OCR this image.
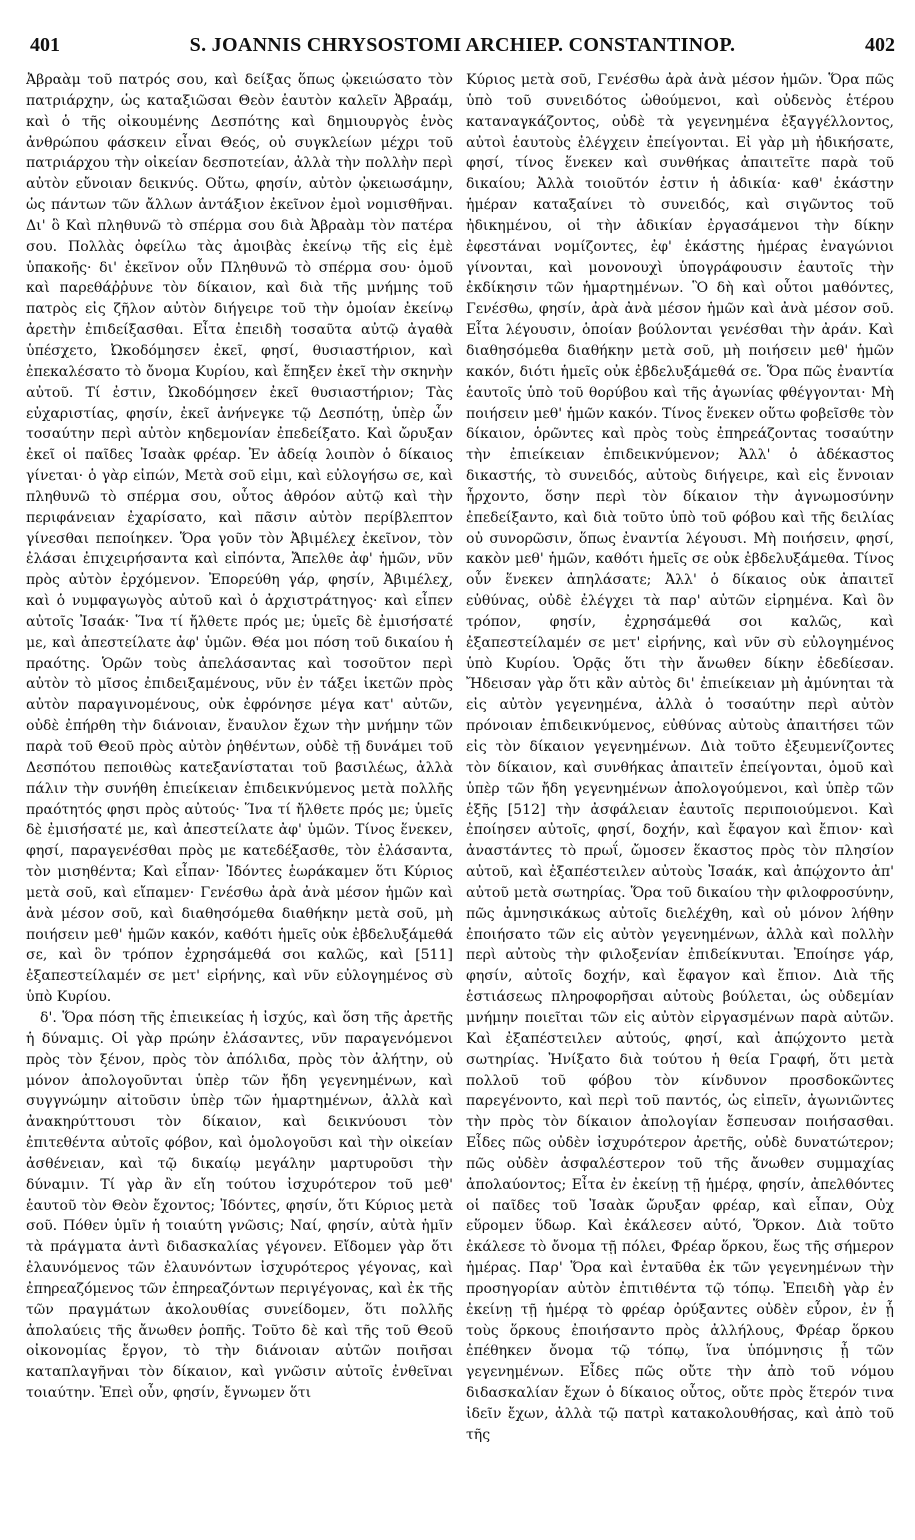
401	S. JOANNIS CHRYSOSTOMI ARCHIEP. CONSTANTINOP.	402

Ἀβραὰμ τοῦ πατρός σου, καὶ δείξας ὅπως ᾠκειώσατο τὸν πατριάρχην, ὡς καταξιῶσαι Θεὸν ἑαυτὸν καλεῖν Ἀβραάμ, καὶ ὁ τῆς οἰκουμένης Δεσπότης καὶ δημιουργὸς ἑνὸς ἀνθρώπου φάσκειν εἶναι Θεός, οὐ συγκλείων μέχρι τοῦ πατριάρχου τὴν οἰκείαν δεσποτείαν, ἀλλὰ τὴν πολλὴν περὶ αὐτὸν εὔνοιαν δεικνύς. Οὕτω, φησίν, αὐτὸν ᾠκειωσάμην, ὡς πάντων τῶν ἄλλων ἀντάξιον ἐκεῖνον ἐμοὶ νομισθῆναι. Δι' ὃ Καὶ πληθυνῶ τὸ σπέρμα σου διὰ Ἀβραὰμ τὸν πατέρα σου. Πολλὰς ὀφείλω τὰς ἀμοιβὰς ἐκείνῳ τῆς εἰς ἐμὲ ὑπακοῆς· δι' ἐκεῖνον οὖν Πληθυνῶ τὸ σπέρμα σου· ὁμοῦ καὶ παρεθάῤῥυνε τὸν δίκαιον, καὶ διὰ τῆς μνήμης τοῦ πατρὸς εἰς ζῆλον αὐτὸν διήγειρε τοῦ τὴν ὁμοίαν ἐκείνῳ ἀρετὴν ἐπιδείξασθαι. Εἶτα ἐπειδὴ τοσαῦτα αὐτῷ ἀγαθὰ ὑπέσχετο, Ὠκοδόμησεν ἐκεῖ, φησί, θυσιαστήριον, καὶ ἐπεκαλέσατο τὸ ὄνομα Κυρίου, καὶ ἔπηξεν ἐκεῖ τὴν σκηνὴν αὐτοῦ. Τί ἐστιν, Ὠκοδόμησεν ἐκεῖ θυσιαστήριον; Τὰς εὐχαριστίας, φησίν, ἐκεῖ ἀνήνεγκε τῷ Δεσπότῃ, ὑπὲρ ὧν τοσαύτην περὶ αὐτὸν κηδεμονίαν ἐπεδείξατο. Καὶ ὤρυξαν ἐκεῖ οἱ παῖδες Ἰσαὰκ φρέαρ. Ἐν ἀδείᾳ λοιπὸν ὁ δίκαιος γίνεται· ὁ γὰρ εἰπών, Μετὰ σοῦ εἰμι, καὶ εὐλογήσω σε, καὶ πληθυνῶ τὸ σπέρμα σου, οὗτος ἀθρόον αὐτῷ καὶ τὴν περιφάνειαν ἐχαρίσατο, καὶ πᾶσιν αὐτὸν περίβλεπτον γίνεσθαι πεποίηκεν. Ὅρα γοῦν τὸν Ἀβιμέλεχ ἐκεῖνον, τὸν ἐλάσαι ἐπιχειρήσαντα καὶ εἰπόντα, Ἄπελθε ἀφ' ἡμῶν, νῦν πρὸς αὐτὸν ἐρχόμενον. Ἐπορεύθη γάρ, φησίν, Ἀβιμέλεχ, καὶ ὁ νυμφαγωγὸς αὐτοῦ καὶ ὁ ἀρχιστράτηγος· καὶ εἶπεν αὐτοῖς Ἰσαάκ· Ἵνα τί ἤλθετε πρός με; ὑμεῖς δὲ ἐμισήσατέ με, καὶ ἀπεστείλατε ἀφ' ὑμῶν. Θέα μοι πόση τοῦ δικαίου ἡ πραότης. Ὁρῶν τοὺς ἀπελάσαντας καὶ τοσοῦτον περὶ αὐτὸν τὸ μῖσος ἐπιδειξαμένους, νῦν ἐν τάξει ἱκετῶν πρὸς αὐτὸν παραγινομένους, οὐκ ἐφρόνησε μέγα κατ' αὐτῶν, οὐδὲ ἐπήρθη τὴν διάνοιαν, ἔναυλον ἔχων τὴν μνήμην τῶν παρὰ τοῦ Θεοῦ πρὸς αὐτὸν ῥηθέντων, οὐδὲ τῇ δυνάμει τοῦ Δεσπότου πεποιθὼς κατεξανίσταται τοῦ βασιλέως, ἀλλὰ πάλιν τὴν συνήθη ἐπιείκειαν ἐπιδεικνύμενος μετὰ πολλῆς πραότητός φησι πρὸς αὐτούς· Ἵνα τί ἤλθετε πρός με; ὑμεῖς δὲ ἐμισήσατέ με, καὶ ἀπεστείλατε ἀφ' ὑμῶν. Τίνος ἕνεκεν, φησί, παραγενέσθαι πρὸς με κατεδέξασθε, τὸν ἐλάσαντα, τὸν μισηθέντα; Καὶ εἶπαν· Ἰδόντες ἑωράκαμεν ὅτι Κύριος μετὰ σοῦ, καὶ εἴπαμεν· Γενέσθω ἀρὰ ἀνὰ μέσον ἡμῶν καὶ ἀνὰ μέσον σοῦ, καὶ διαθησόμεθα διαθήκην μετὰ σοῦ, μὴ ποιήσειν μεθ' ἡμῶν κακόν, καθότι ἡμεῖς οὐκ ἐβδελυξάμεθά σε, καὶ ὃν τρόπον ἐχρησάμεθά σοι καλῶς, καὶ [511] ἐξαπεστείλαμέν σε μετ' εἰρήνης, καὶ νῦν εὐλογημένος σὺ ὑπὸ Κυρίου.

δ'. Ὅρα πόση τῆς ἐπιεικείας ἡ ἰσχύς, καὶ ὅση τῆς ἀρετῆς ἡ δύναμις. Οἱ γὰρ πρώην ἐλάσαντες, νῦν παραγενόμενοι πρὸς τὸν ξένον, πρὸς τὸν ἀπόλιδα, πρὸς τὸν ἀλήτην, οὐ μόνον ἀπολογοῦνται ὑπὲρ τῶν ἤδη γεγενημένων, καὶ συγγνώμην αἰτοῦσιν ὑπὲρ τῶν ἡμαρτημένων, ἀλλὰ καὶ ἀνακηρύττουσι τὸν δίκαιον, καὶ δεικνύουσι τὸν ἐπιτεθέντα αὐτοῖς φόβον, καὶ ὁμολογοῦσι καὶ τὴν οἰκείαν ἀσθένειαν, καὶ τῷ δικαίῳ μεγάλην μαρτυροῦσι τὴν δύναμιν. Τί γὰρ ἂν εἴη τούτου ἰσχυρότερον τοῦ μεθ' ἑαυτοῦ τὸν Θεὸν ἔχοντος; Ἰδόντες, φησίν, ὅτι Κύριος μετὰ σοῦ. Πόθεν ὑμῖν ἡ τοιαύτη γνῶσις; Ναί, φησίν, αὐτὰ ἡμῖν τὰ πράγματα ἀντὶ διδασκαλίας γέγονεν. Εἴδομεν γὰρ ὅτι ἐλαυνόμενος τῶν ἐλαυνόντων ἰσχυρότερος γέγονας, καὶ ἐπηρεαζόμενος τῶν ἐπηρεαζόντων περιγέγονας, καὶ ἐκ τῆς τῶν πραγμάτων ἀκολουθίας συνείδομεν, ὅτι πολλῆς ἀπολαύεις τῆς ἄνωθεν ῥοπῆς. Τοῦτο δὲ καὶ τῆς τοῦ Θεοῦ οἰκονομίας ἔργον, τὸ τὴν διάνοιαν αὐτῶν ποιῆσαι καταπλαγῆναι τὸν δίκαιον, καὶ γνῶσιν αὐτοῖς ἐνθεῖναι τοιαύτην. Ἐπεὶ οὖν, φησίν, ἔγνωμεν ὅτι

Κύριος μετὰ σοῦ, Γενέσθω ἀρὰ ἀνὰ μέσον ἡμῶν. Ὅρα πῶς ὑπὸ τοῦ συνειδότος ὠθούμενοι, καὶ οὐδενὸς ἑτέρου καταναγκάζοντος, οὐδὲ τὰ γεγενημένα ἐξαγγέλλοντος, αὐτοὶ ἑαυτοὺς ἐλέγχειν ἐπείγονται. Εἰ γὰρ μὴ ἠδικήσατε, φησί, τίνος ἕνεκεν καὶ συνθήκας ἀπαιτεῖτε παρὰ τοῦ δικαίου; Ἀλλὰ τοιοῦτόν ἐστιν ἡ ἀδικία· καθ' ἑκάστην ἡμέραν καταξαίνει τὸ συνειδός, καὶ σιγῶντος τοῦ ἠδικημένου, οἱ τὴν ἀδικίαν ἐργασάμενοι τὴν δίκην ἐφεστάναι νομίζοντες, ἐφ' ἑκάστης ἡμέρας ἐναγώνιοι γίνονται, καὶ μονονουχὶ ὑπογράφουσιν ἑαυτοῖς τὴν ἐκδίκησιν τῶν ἡμαρτημένων. Ὃ δὴ καὶ οὗτοι μαθόντες, Γενέσθω, φησίν, ἀρὰ ἀνὰ μέσον ἡμῶν καὶ ἀνὰ μέσον σοῦ. Εἶτα λέγουσιν, ὁποίαν βούλονται γενέσθαι τὴν ἀράν. Καὶ διαθησόμεθα διαθήκην μετὰ σοῦ, μὴ ποιήσειν μεθ' ἡμῶν κακόν, διότι ἡμεῖς οὐκ ἐβδελυξάμεθά σε. Ὅρα πῶς ἐναντία ἑαυτοῖς ὑπὸ τοῦ θορύβου καὶ τῆς ἀγωνίας φθέγγονται· Μὴ ποιήσειν μεθ' ἡμῶν κακόν. Τίνος ἕνεκεν οὕτω φοβεῖσθε τὸν δίκαιον, ὁρῶντες καὶ πρὸς τοὺς ἐπηρεάζοντας τοσαύτην τὴν ἐπιείκειαν ἐπιδεικνύμενον; Ἀλλ' ὁ ἀδέκαστος δικαστής, τὸ συνειδός, αὐτοὺς διήγειρε, καὶ εἰς ἔννοιαν ἦρχοντο, ὅσην περὶ τὸν δίκαιον τὴν ἀγνωμοσύνην ἐπεδείξαντο, καὶ διὰ τοῦτο ὑπὸ τοῦ φόβου καὶ τῆς δειλίας οὐ συνορῶσιν, ὅπως ἐναντία λέγουσι. Μὴ ποιήσειν, φησί, κακὸν μεθ' ἡμῶν, καθότι ἡμεῖς σε οὐκ ἐβδελυξάμεθα. Τίνος οὖν ἕνεκεν ἀπηλάσατε; Ἀλλ' ὁ δίκαιος οὐκ ἀπαιτεῖ εὐθύνας, οὐδὲ ἐλέγχει τὰ παρ' αὐτῶν εἰρημένα. Καὶ ὃν τρόπον, φησίν, ἐχρησάμεθά σοι καλῶς, καὶ ἐξαπεστείλαμέν σε μετ' εἰρήνης, καὶ νῦν σὺ εὐλογημένος ὑπὸ Κυρίου. Ὁρᾷς ὅτι τὴν ἄνωθεν δίκην ἐδεδίεσαν. Ἤδεισαν γὰρ ὅτι κἂν αὐτὸς δι' ἐπιείκειαν μὴ ἀμύνηται τὰ εἰς αὐτὸν γεγενημένα, ἀλλὰ ὁ τοσαύτην περὶ αὐτὸν πρόνοιαν ἐπιδεικνύμενος, εὐθύνας αὐτοὺς ἀπαιτήσει τῶν εἰς τὸν δίκαιον γεγενημένων. Διὰ τοῦτο ἐξευμενίζοντες τὸν δίκαιον, καὶ συνθήκας ἀπαιτεῖν ἐπείγονται, ὁμοῦ καὶ ὑπὲρ τῶν ἤδη γεγενημένων ἀπολογούμενοι, καὶ ὑπὲρ τῶν ἑξῆς [512] τὴν ἀσφάλειαν ἑαυτοῖς περιποιούμενοι. Καὶ ἐποίησεν αὐτοῖς, φησί, δοχήν, καὶ ἔφαγον καὶ ἔπιον· καὶ ἀναστάντες τὸ πρωΐ, ὤμοσεν ἕκαστος πρὸς τὸν πλησίον αὐτοῦ, καὶ ἐξαπέστειλεν αὐτοὺς Ἰσαάκ, καὶ ἀπῴχοντο ἀπ' αὐτοῦ μετὰ σωτηρίας. Ὅρα τοῦ δικαίου τὴν φιλοφροσύνην, πῶς ἀμνησικάκως αὐτοῖς διελέχθη, καὶ οὐ μόνον λήθην ἐποιήσατο τῶν εἰς αὐτὸν γεγενημένων, ἀλλὰ καὶ πολλὴν περὶ αὐτοὺς τὴν φιλοξενίαν ἐπιδείκνυται. Ἐποίησε γάρ, φησίν, αὐτοῖς δοχήν, καὶ ἔφαγον καὶ ἔπιον. Διὰ τῆς ἑστιάσεως πληροφορῆσαι αὐτοὺς βούλεται, ὡς οὐδεμίαν μνήμην ποιεῖται τῶν εἰς αὐτὸν εἰργασμένων παρὰ αὐτῶν. Καὶ ἐξαπέστειλεν αὐτούς, φησί, καὶ ἀπῴχοντο μετὰ σωτηρίας. Ἠνίξατο διὰ τούτου ἡ θεία Γραφή, ὅτι μετὰ πολλοῦ τοῦ φόβου τὸν κίνδυνον προσδοκῶντες παρεγένοντο, καὶ περὶ τοῦ παντός, ὡς εἰπεῖν, ἀγωνιῶντες τὴν πρὸς τὸν δίκαιον ἀπολογίαν ἔσπευσαν ποιήσασθαι. Εἶδες πῶς οὐδὲν ἰσχυρότερον ἀρετῆς, οὐδὲ δυνατώτερον; πῶς οὐδὲν ἀσφαλέστερον τοῦ τῆς ἄνωθεν συμμαχίας ἀπολαύοντος; Εἶτα ἐν ἐκείνῃ τῇ ἡμέρᾳ, φησίν, ἀπελθόντες οἱ παῖδες τοῦ Ἰσαὰκ ὤρυξαν φρέαρ, καὶ εἶπαν, Οὐχ εὕρομεν ὕδωρ. Καὶ ἐκάλεσεν αὐτό, Ὅρκον. Διὰ τοῦτο ἐκάλεσε τὸ ὄνομα τῇ πόλει, Φρέαρ ὅρκου, ἕως τῆς σήμερον ἡμέρας. Παρ' Ὅρα καὶ ἐνταῦθα ἐκ τῶν γεγενημένων τὴν προσηγορίαν αὐτὸν ἐπιτιθέντα τῷ τόπῳ. Ἐπειδὴ γὰρ ἐν ἐκείνῃ τῇ ἡμέρᾳ τὸ φρέαρ ὀρύξαντες οὐδὲν εὗρον, ἐν ᾗ τοὺς ὅρκους ἐποιήσαντο πρὸς ἀλλήλους, Φρέαρ ὅρκου ἐπέθηκεν ὄνομα τῷ τόπῳ, ἵνα ὑπόμνησις ᾖ τῶν γεγενημένων. Εἶδες πῶς οὔτε τὴν ἀπὸ τοῦ νόμου διδασκαλίαν ἔχων ὁ δίκαιος οὗτος, οὔτε πρὸς ἕτερόν τινα ἰδεῖν ἔχων, ἀλλὰ τῷ πατρὶ κατακολουθήσας, καὶ ἀπὸ τοῦ τῆς
